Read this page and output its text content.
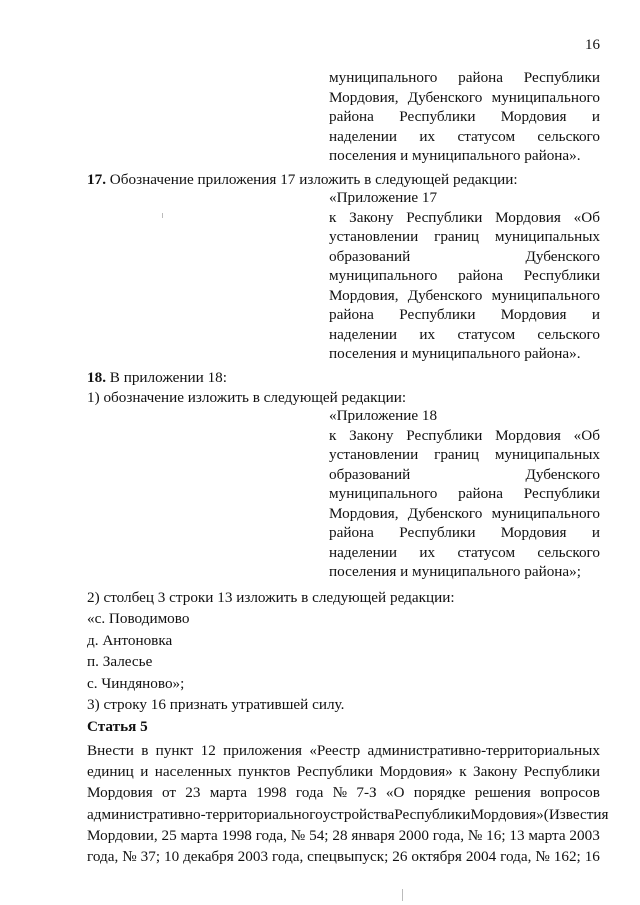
16
муниципального района Республики
Мордовия, Дубенского муниципального
района Республики Мордовия и
наделении их статусом сельского
поселения и муниципального района».
17. Обозначение приложения 17 изложить в следующей редакции:
«Приложение 17
к Закону Республики Мордовия «Об
установлении границ муниципальных
образований	Дубенского
муниципального района Республики
Мордовия, Дубенского муниципального
района Республики Мордовия и
наделении их статусом сельского
поселения и муниципального района».
18. В приложении 18:
1) обозначение изложить в следующей редакции:
«Приложение 18
к Закону Республики Мордовия «Об
установлении границ муниципальных
образований	Дубенского
муниципального района Республики
Мордовия, Дубенского муниципального
района Республики Мордовия и
наделении их статусом сельского
поселения и муниципального района»;
2) столбец 3 строки 13 изложить в следующей редакции:
«с. Поводимово
д. Антоновка
п. Залесье
с. Чиндяново»;
3) строку 16 признать утратившей силу.
Статья 5
Внести в пункт 12 приложения «Реестр административно-территориальных
единиц и населенных пунктов Республики Мордовия» к Закону Республики
Мордовия от 23 марта 1998 года № 7-З «О порядке решения вопросов
административно-территориального устройства Республики Мордовия» (Известия
Мордовии, 25 марта 1998 года, № 54; 28 января 2000 года, № 16; 13 марта 2003
года, № 37; 10 декабря 2003 года, спецвыпуск; 26 октября 2004 года, № 162; 16
